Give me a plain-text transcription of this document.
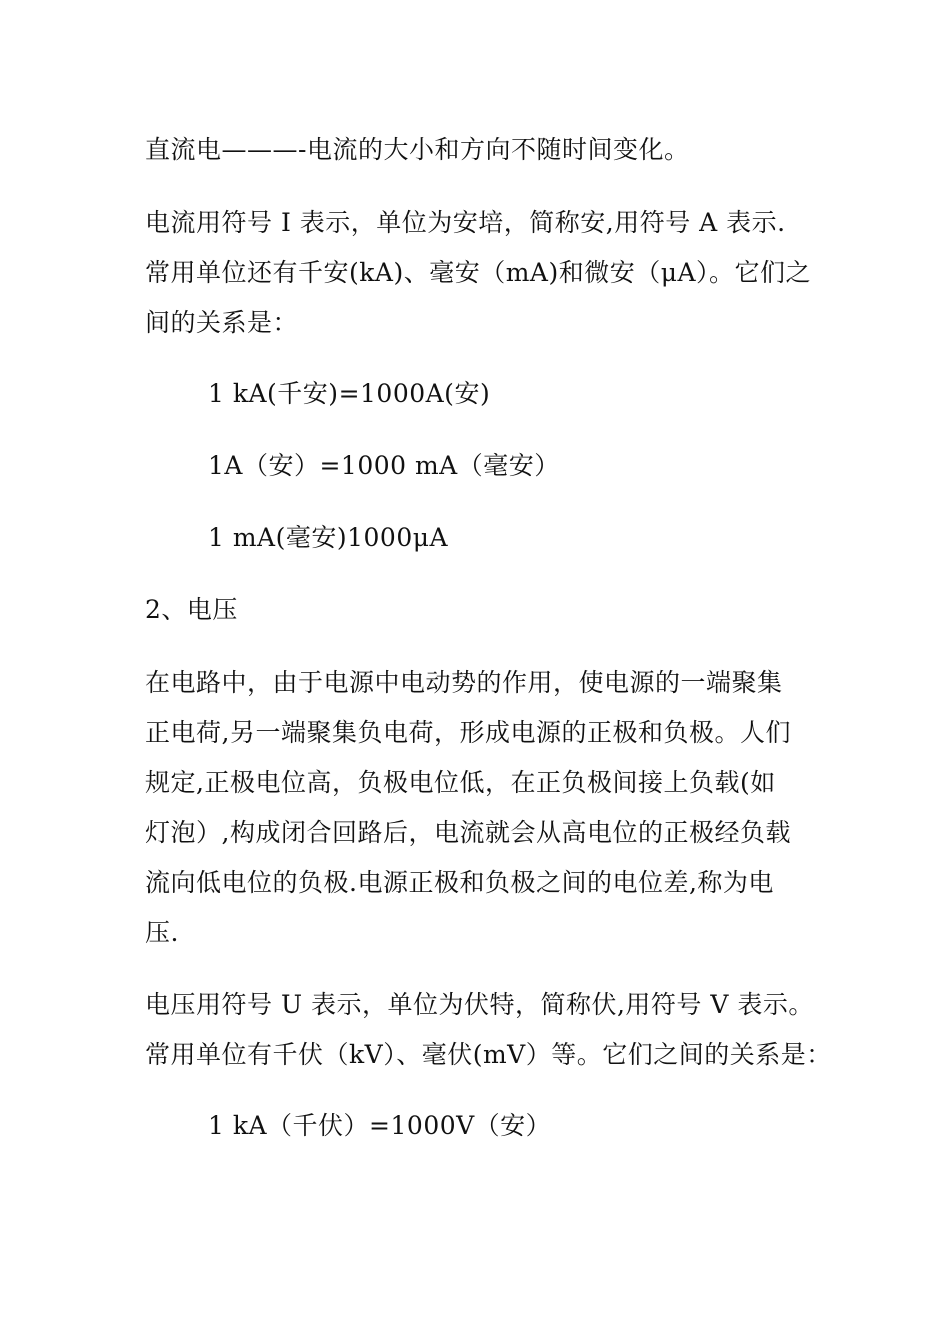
直流电———-电流的大小和方向不随时间变化。
电流用符号 I 表示，单位为安培，简称安,用符号 A 表示.
常用单位还有千安(kA)、毫安（mA)和微安（μA）。它们之
间的关系是：
1 kA(千安)=1000A(安)
1A（安）=1000 mA（毫安）
1 mA(毫安)1000μA
2、电压
在电路中，由于电源中电动势的作用，使电源的一端聚集
正电荷,另一端聚集负电荷，形成电源的正极和负极。人们
规定,正极电位高，负极电位低，在正负极间接上负载(如
灯泡）,构成闭合回路后，电流就会从高电位的正极经负载
流向低电位的负极.电源正极和负极之间的电位差,称为电
压.
电压用符号 U 表示，单位为伏特，简称伏,用符号 V 表示。
常用单位有千伏（kV）、毫伏(mV）等。它们之间的关系是：
1 kA（千伏）=1000V（安）
